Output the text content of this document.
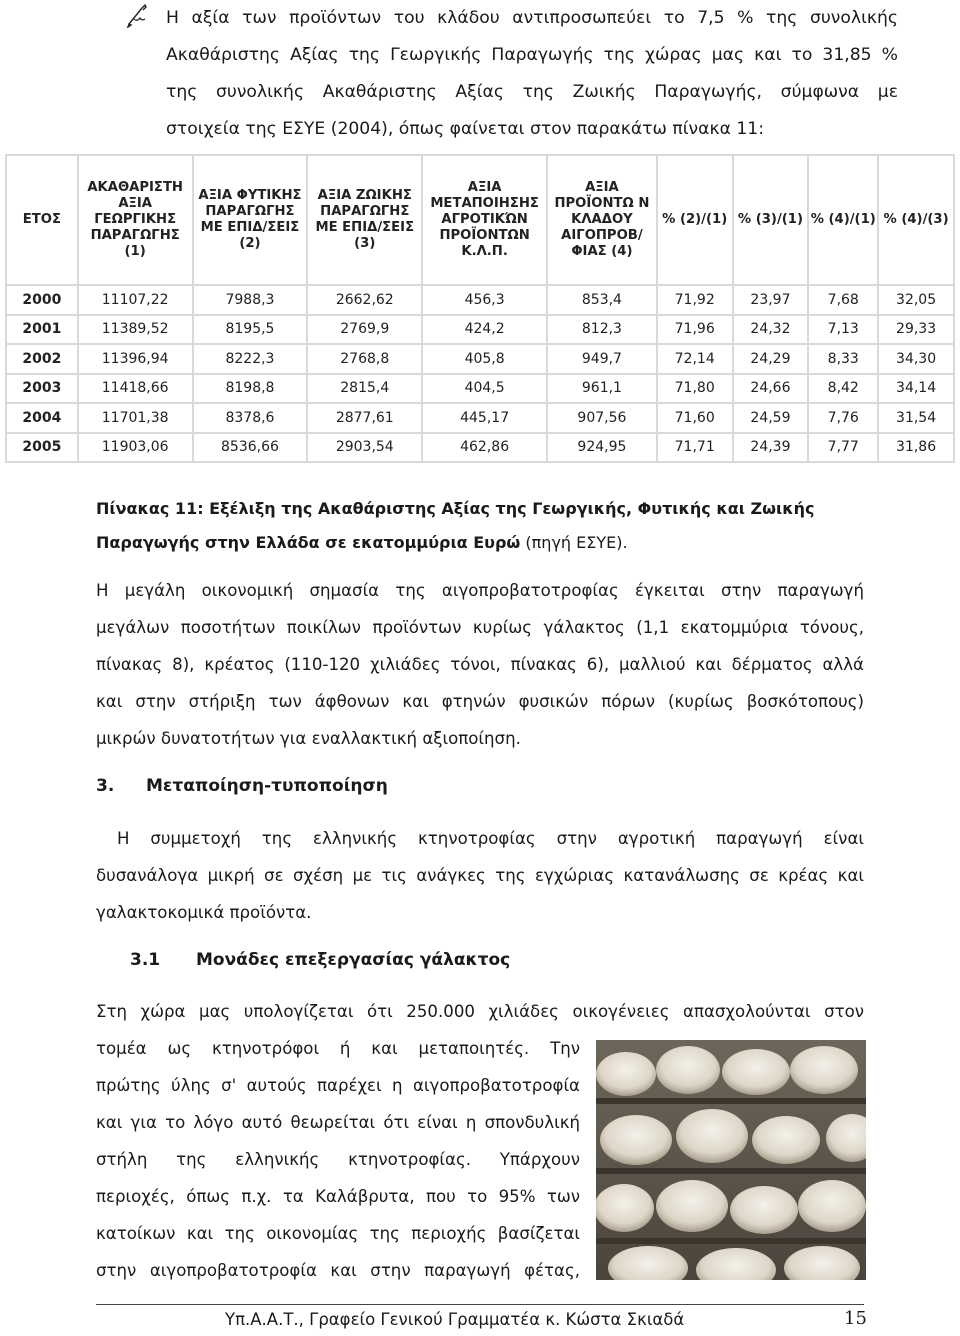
Η αξία των προϊόντων του κλάδου αντιπροσωπεύει το 7,5 % της συνολικής
Ακαθάριστης Αξίας της Γεωργικής Παραγωγής της χώρας μας και το 31,85 %
της συνολικής Ακαθάριστης Αξίας της Ζωικής Παραγωγής, σύμφωνα με
στοιχεία της ΕΣΥΕ (2004), όπως φαίνεται στον παρακάτω πίνακα 11:
ΕΤΟΣ	ΑΚΑΘΑΡΙΣΤΗ ΑΞΙΑ ΓΕΩΡΓΙΚΗΣ ΠΑΡΑΓΩΓΗΣ (1)	ΑΞΙΑ ΦΥΤΙΚΗΣ ΠΑΡΑΓΩΓΗΣ ΜΕ ΕΠΙΔ/ΣΕΙΣ (2)	ΑΞΙΑ ΖΩΙΚΗΣ ΠΑΡΑΓΩΓΗΣ ΜΕ ΕΠΙΔ/ΣΕΙΣ (3)	ΑΞΙΑ ΜΕΤΑΠΟΙΗΣΗΣ ΑΓΡΟΤΙΚΏΝ ΠΡΟΪΟΝΤΩΝ Κ.Λ.Π.	ΑΞΙΑ ΠΡΟΪΟΝΤΩ Ν ΚΛΑΔΟΥ ΑΙΓΟΠΡΟΒ/ ΦΙΑΣ (4)	% (2)/(1)	% (3)/(1)	% (4)/(1)	% (4)/(3)
2000	11107,22	7988,3	2662,62	456,3	853,4	71,92	23,97	7,68	32,05
2001	11389,52	8195,5	2769,9	424,2	812,3	71,96	24,32	7,13	29,33
2002	11396,94	8222,3	2768,8	405,8	949,7	72,14	24,29	8,33	34,30
2003	11418,66	8198,8	2815,4	404,5	961,1	71,80	24,66	8,42	34,14
2004	11701,38	8378,6	2877,61	445,17	907,56	71,60	24,59	7,76	31,54
2005	11903,06	8536,66	2903,54	462,86	924,95	71,71	24,39	7,77	31,86
Πίνακας 11: Εξέλιξη της Ακαθάριστης Αξίας της Γεωργικής, Φυτικής και Ζωικής Παραγωγής στην Ελλάδα σε εκατομμύρια Ευρώ (πηγή ΕΣΥΕ).
Η μεγάλη οικονομική σημασία της αιγοπροβατοτροφίας έγκειται στην παραγωγή
μεγάλων ποσοτήτων ποικίλων προϊόντων κυρίως γάλακτος (1,1 εκατομμύρια τόνους,
πίνακας 8), κρέατος (110-120 χιλιάδες τόνοι, πίνακας 6), μαλλιού και δέρματος αλλά
και στην στήριξη των άφθονων και φτηνών φυσικών πόρων (κυρίως βοσκότοπους)
μικρών δυνατοτήτων για εναλλακτική αξιοποίηση.
3. Μεταποίηση-τυποποίηση
Η συμμετοχή της ελληνικής κτηνοτροφίας στην αγροτική παραγωγή είναι
δυσανάλογα μικρή σε σχέση με τις ανάγκες της εγχώριας κατανάλωσης σε κρέας και
γαλακτοκομικά προϊόντα.
3.1 Μονάδες επεξεργασίας γάλακτος
Στη χώρα μας υπολογίζεται ότι 250.000 χιλιάδες οικογένειες απασχολούνται στον
τομέα ως κτηνοτρόφοι ή και μεταποιητές. Την
πρώτης ύλης σ' αυτούς παρέχει η αιγοπροβατοτροφία
και για το λόγο αυτό θεωρείται ότι είναι η σπονδυλική
στήλη της ελληνικής κτηνοτροφίας. Υπάρχουν
περιοχές, όπως π.χ. τα Καλάβρυτα, που το 95% των
κατοίκων και της οικονομίας της περιοχής βασίζεται
στην αιγοπροβατοτροφία και στην παραγωγή φέτας,
Υπ.Α.Α.Τ., Γραφείο Γενικού Γραμματέα κ. Κώστα Σκιαδά	15
